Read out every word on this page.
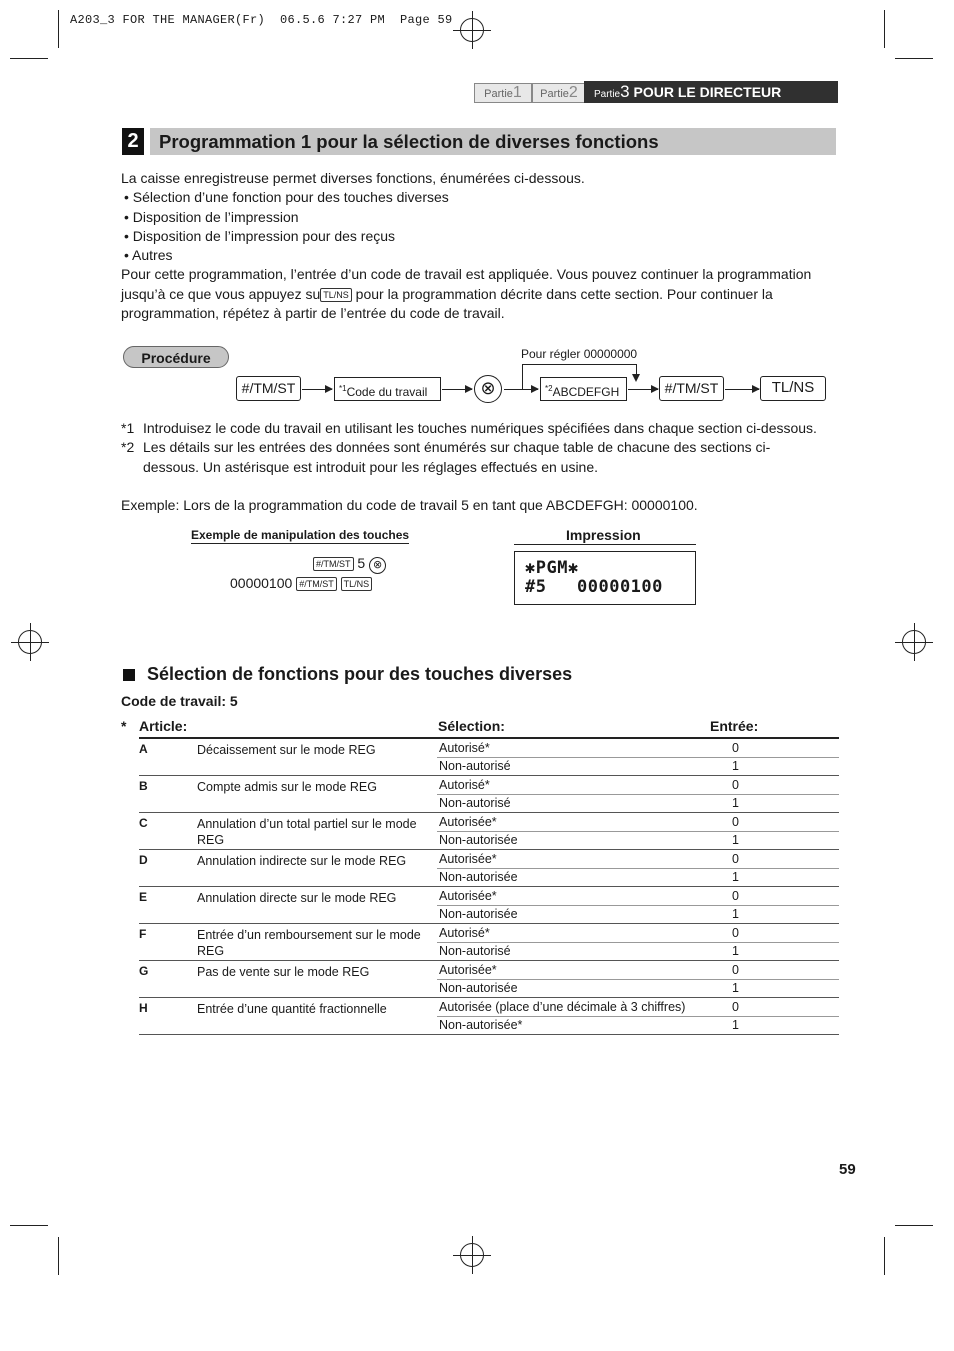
A203_3 FOR THE MANAGER(Fr)  06.5.6 7:27 PM  Page 59
Partie1	Partie2	Partie3 POUR LE DIRECTEUR
2	Programmation 1 pour la sélection de diverses fonctions
La caisse enregistreuse permet diverses fonctions, énumérées ci-dessous.
• Sélection d’une fonction pour des touches diverses
• Disposition de l’impression
• Disposition de l’impression pour des reçus
• Autres
Pour cette programmation, l’entrée d’un code de travail est appliquée. Vous pouvez continuer la programmation jusqu’à ce que vous appuyez su TL/NS pour la programmation décrite dans cette section. Pour continuer la programmation, répétez à partir de l’entrée du code de travail.
Procédure
#/TM/ST	$^{*1}$Code du travail	⊗
Pour régler 00000000
$^{*2}$ABCDEFGH	#/TM/ST	TL/NS
*1 Introduisez le code du travail en utilisant les touches numériques spécifiées dans chaque section ci-dessous.
*2 Les détails sur les entrées des données sont énumérés sur chaque table de chacune des sections ci-dessous. Un astérisque est introduit pour les réglages effectués en usine.
Exemple: Lors de la programmation du code de travail 5 en tant que ABCDEFGH: 00000100.
Exemple de manipulation des touches	Impression
#/TM/ST 5 ⊗
00000100 #/TM/ST TL/NS
✱PGM✱
#5 00000100
Sélection de fonctions pour des touches diverses
Code de travail: 5
* Article:	Sélection:	Entrée:
A	Décaissement sur le mode REG	Autorisé*	0
Non-autorisé	1
B	Compte admis sur le mode REG	Autorisé*	0
Non-autorisé	1
C	Annulation d’un total partiel sur le mode REG
Autorisée*	0
Non-autorisée	1
D	Annulation indirecte sur le mode REG	Autorisée*	0
Non-autorisée	1
E	Annulation directe sur le mode REG	Autorisée*	0
Non-autorisée	1
F	Entrée d’un remboursement sur le mode REG
Autorisé*	0
Non-autorisé	1
G	Pas de vente sur le mode REG	Autorisée*	0
Non-autorisée	1
H	Entrée d’une quantité fractionnelle	Autorisée (place d’une décimale à 3 chiffres)	0
Non-autorisée*	1
59
